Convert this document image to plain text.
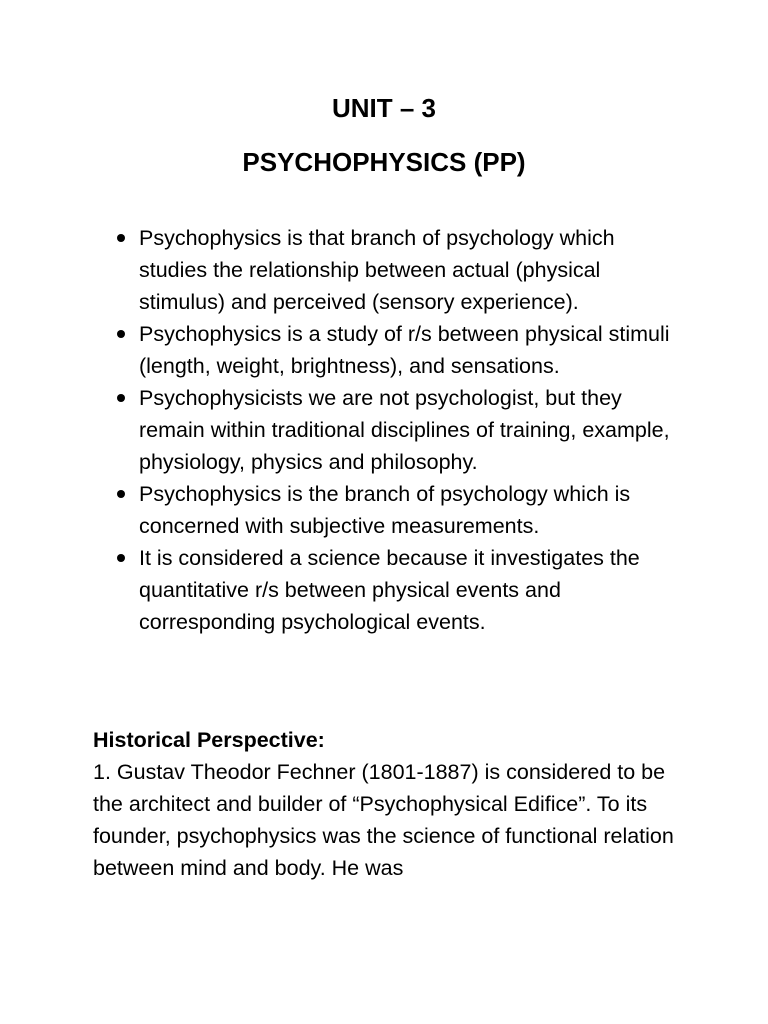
UNIT – 3
PSYCHOPHYSICS (PP)
Psychophysics is that branch of psychology which studies the relationship between actual (physical stimulus) and perceived (sensory experience).
Psychophysics is a study of r/s between physical stimuli (length, weight, brightness), and sensations.
Psychophysicists we are not psychologist, but they remain within traditional disciplines of training, example, physiology, physics and philosophy.
Psychophysics is the branch of psychology which is concerned with subjective measurements.
It is considered a science because it investigates the quantitative r/s between physical events and corresponding psychological events.
Historical Perspective:

1. Gustav Theodor Fechner (1801-1887) is considered to be the architect and builder of “Psychophysical Edifice”. To its founder, psychophysics was the science of functional relation between mind and body. He was
